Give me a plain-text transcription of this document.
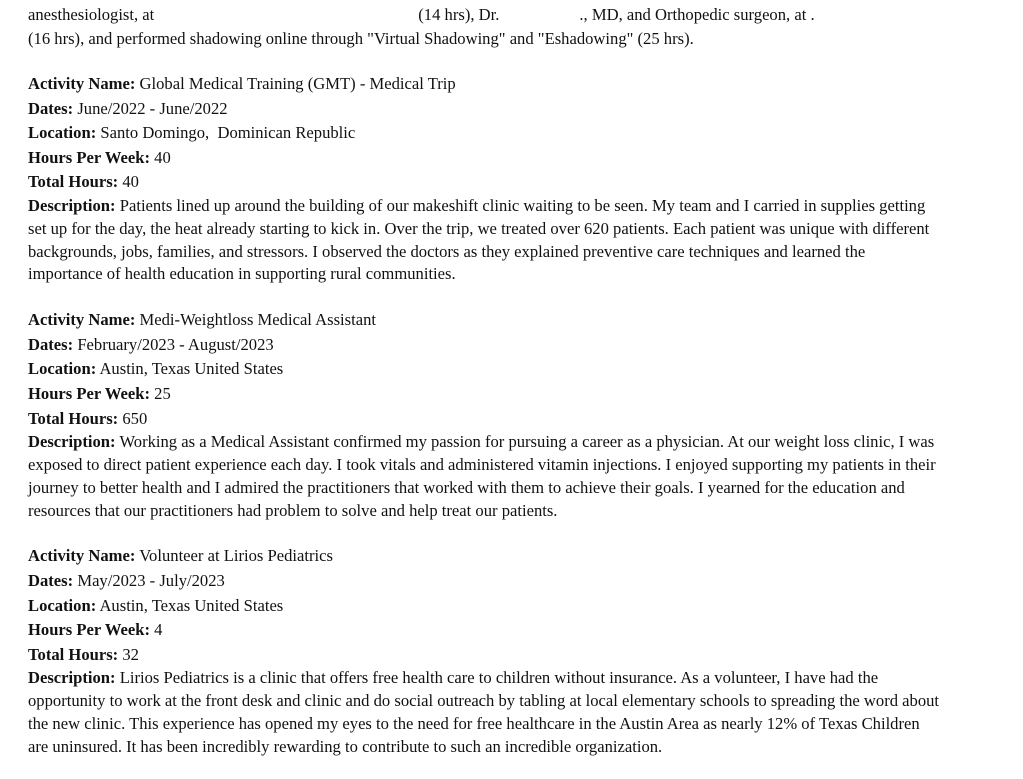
anesthesiologist, at	(14 hrs), Dr.	., MD, and Orthopedic surgeon, at .
(16 hrs), and performed shadowing online through "Virtual Shadowing" and "Eshadowing" (25 hrs).
Activity Name: Global Medical Training (GMT) - Medical Trip
Dates: June/2022 - June/2022
Location: Santo Domingo,  Dominican Republic
Hours Per Week: 40
Total Hours: 40
Description: Patients lined up around the building of our makeshift clinic waiting to be seen. My team and I carried in supplies getting
set up for the day, the heat already starting to kick in. Over the trip, we treated over 620 patients. Each patient was unique with different
backgrounds, jobs, families, and stressors. I observed the doctors as they explained preventive care techniques and learned the
importance of health education in supporting rural communities.
Activity Name: Medi-Weightloss Medical Assistant
Dates: February/2023 - August/2023
Location: Austin, Texas United States
Hours Per Week: 25
Total Hours: 650
Description: Working as a Medical Assistant confirmed my passion for pursuing a career as a physician. At our weight loss clinic, I was
exposed to direct patient experience each day. I took vitals and administered vitamin injections. I enjoyed supporting my patients in their
journey to better health and I admired the practitioners that worked with them to achieve their goals. I yearned for the education and
resources that our practitioners had problem to solve and help treat our patients.
Activity Name: Volunteer at Lirios Pediatrics
Dates: May/2023 - July/2023
Location: Austin, Texas United States
Hours Per Week: 4
Total Hours: 32
Description: Lirios Pediatrics is a clinic that offers free health care to children without insurance. As a volunteer, I have had the
opportunity to work at the front desk and clinic and do social outreach by tabling at local elementary schools to spreading the word about
the new clinic. This experience has opened my eyes to the need for free healthcare in the Austin Area as nearly 12% of Texas Children
are uninsured. It has been incredibly rewarding to contribute to such an incredible organization.
